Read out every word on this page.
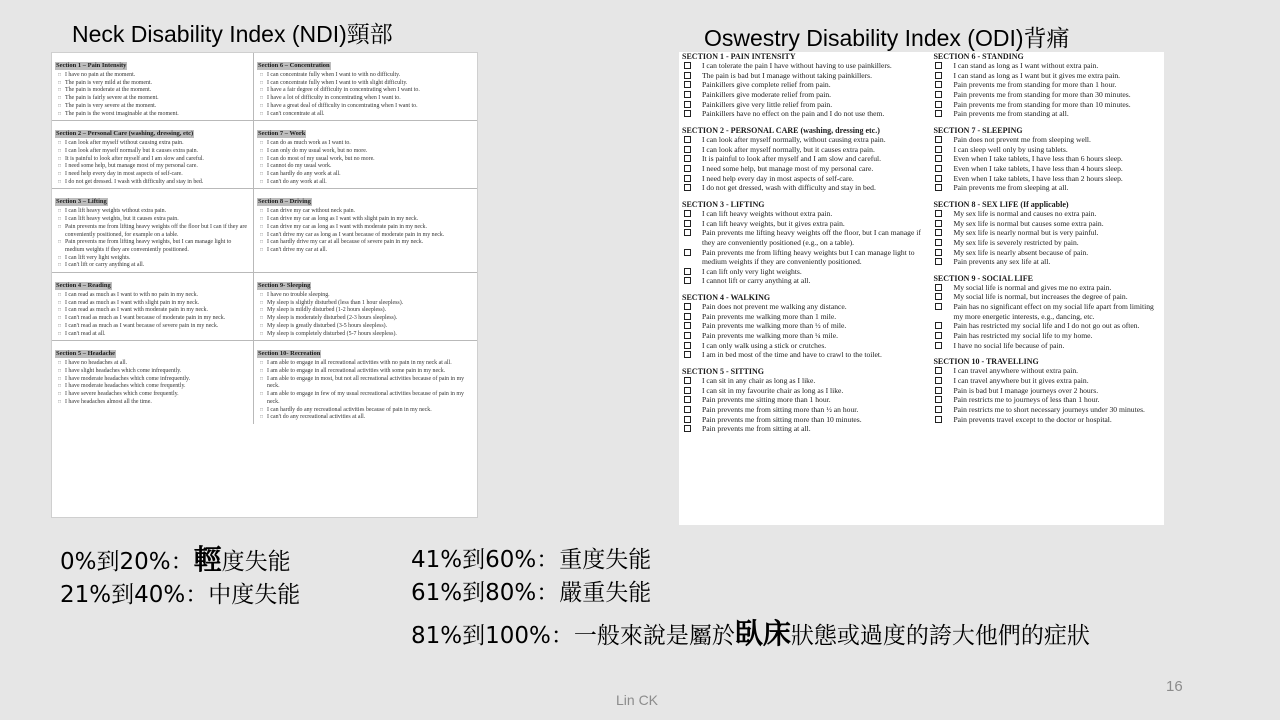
Neck Disability Index (NDI)頸部	Oswestry Disability Index (ODI)背痛
Section 1 – Pain Intensity
□ I have no pain at the moment.
□ The pain is very mild at the moment.
□ The pain is moderate at the moment.
□ The pain is fairly severe at the moment.
□ The pain is very severe at the moment.
□ The pain is the worst imaginable at the moment.
Section 6 – Concentration
□ I can concentrate fully when I want to with no difficulty.
□ I can concentrate fully when I want to with slight difficulty.
□ I have a fair degree of difficulty in concentrating when I want to.
□ I have a lot of difficulty in concentrating when I want to.
□ I have a great deal of difficulty in concentrating when I want to.
□ I can't concentrate at all.
Section 2 – Personal Care (washing, dressing, etc)
□ I can look after myself without causing extra pain.
□ I can look after myself normally but it causes extra pain.
□ It is painful to look after myself and I am slow and careful.
□ I need some help, but manage most of my personal care.
□ I need help every day in most aspects of self-care.
□ I do not get dressed. I wash with difficulty and stay in bed.
Section 7 – Work
□ I can do as much work as I want to.
□ I can only do my usual work, but no more.
□ I can do most of my usual work, but no more.
□ I cannot do my usual work.
□ I can hardly do any work at all.
□ I can't do any work at all.
Section 3 – Lifting
□ I can lift heavy weights without extra pain.
□ I can lift heavy weights, but it causes extra pain.
□ Pain prevents me from lifting heavy weights off the floor but I can if they are conveniently positioned, for example on a table.
□ Pain prevents me from lifting heavy weights, but I can manage light to medium weights if they are conveniently positioned.
□ I can lift very light weights.
□ I can't lift or carry anything at all.
Section 8 – Driving
□ I can drive my car without neck pain.
□ I can drive my car as long as I want with slight pain in my neck.
□ I can drive my car as long as I want with moderate pain in my neck.
□ I can't drive my car as long as I want because of moderate pain in my neck.
□ I can hardly drive my car at all because of severe pain in my neck.
□ I can't drive my car at all.
Section 4 – Reading
□ I can read as much as I want to with no pain in my neck.
□ I can read as much as I want with slight pain in my neck.
□ I can read as much as I want with moderate pain in my neck.
□ I can't read as much as I want because of moderate pain in my neck.
□ I can't read as much as I want because of severe pain in my neck.
□ I can't read at all.
Section 9- Sleeping
□ I have no trouble sleeping.
□ My sleep is slightly disturbed (less than 1 hour sleepless).
□ My sleep is mildly disturbed (1-2 hours sleepless).
□ My sleep is moderately disturbed (2-3 hours sleepless).
□ My sleep is greatly disturbed (3-5 hours sleepless).
□ My sleep is completely disturbed (5-7 hours sleepless).
Section 5 – Headache
□ I have no headaches at all.
□ I have slight headaches which come infrequently.
□ I have moderate headaches which come infrequently.
□ I have moderate headaches which come frequently.
□ I have severe headaches which come frequently.
□ I have headaches almost all the time.
Section 10- Recreation
□ I am able to engage in all recreational activities with no pain in my neck at all.
□ I am able to engage in all recreational activities with some pain in my neck.
□ I am able to engage in most, but not all recreational activities because of pain in my neck.
□ I am able to engage in few of my usual recreational activities because of pain in my neck.
□ I can hardly do any recreational activities because of pain in my neck.
□ I can't do any recreational activities at all.
SECTION 1 - PAIN INTENSITY
I can tolerate the pain I have without having to use painkillers.
The pain is bad but I manage without taking painkillers.
Painkillers give complete relief from pain.
Painkillers give moderate relief from pain.
Painkillers give very little relief from pain.
Painkillers have no effect on the pain and I do not use them.
SECTION 2 - PERSONAL CARE (washing, dressing etc.)
I can look after myself normally, without causing extra pain.
I can look after myself normally, but it causes extra pain.
It is painful to look after myself and I am slow and careful.
I need some help, but manage most of my personal care.
I need help every day in most aspects of self-care.
I do not get dressed, wash with difficulty and stay in bed.
SECTION 3 - LIFTING
I can lift heavy weights without extra pain.
I can lift heavy weights, but it gives extra pain.
Pain prevents me lifting heavy weights off the floor, but I can manage if they are conveniently positioned (e.g., on a table).
Pain prevents me from lifting heavy weights but I can manage light to medium weights if they are conveniently positioned.
I can lift only very light weights.
I cannot lift or carry anything at all.
SECTION 4 - WALKING
Pain does not prevent me walking any distance.
Pain prevents me walking more than 1 mile.
Pain prevents me walking more than ½ of mile.
Pain prevents me walking more than ¼ mile.
I can only walk using a stick or crutches.
I am in bed most of the time and have to crawl to the toilet.
SECTION 5 - SITTING
I can sit in any chair as long as I like.
I can sit in my favourite chair as long as I like.
Pain prevents me sitting more than 1 hour.
Pain prevents me from sitting more than ½ an hour.
Pain prevents me from sitting more than 10 minutes.
Pain prevents me from sitting at all.
SECTION 6 - STANDING
I can stand as long as I want without extra pain.
I can stand as long as I want but it gives me extra pain.
Pain prevents me from standing for more than 1 hour.
Pain prevents me from standing for more than 30 minutes.
Pain prevents me from standing for more than 10 minutes.
Pain prevents me from standing at all.
SECTION 7 - SLEEPING
Pain does not prevent me from sleeping well.
I can sleep well only by using tablets.
Even when I take tablets, I have less than 6 hours sleep.
Even when I take tablets, I have less than 4 hours sleep.
Even when I take tablets, I have less than 2 hours sleep.
Pain prevents me from sleeping at all.
SECTION 8 - SEX LIFE (If applicable)
My sex life is normal and causes no extra pain.
My sex life is normal but causes some extra pain.
My sex life is nearly normal but is very painful.
My sex life is severely restricted by pain.
My sex life is nearly absent because of pain.
Pain prevents any sex life at all.
SECTION 9 - SOCIAL LIFE
My social life is normal and gives me no extra pain.
My social life is normal, but increases the degree of pain.
Pain has no significant effect on my social life apart from limiting my more energetic interests, e.g., dancing, etc.
Pain has restricted my social life and I do not go out as often.
Pain has restricted my social life to my home.
I have no social life because of pain.
SECTION 10 - TRAVELLING
I can travel anywhere without extra pain.
I can travel anywhere but it gives extra pain.
Pain is bad but I manage journeys over 2 hours.
Pain restricts me to journeys of less than 1 hour.
Pain restricts me to short necessary journeys under 30 minutes.
Pain prevents travel except to the doctor or hospital.
0%到20%：輕度失能
21%到40%：中度失能
41%到60%：重度失能
61%到80%：嚴重失能
81%到100%：一般來說是屬於臥床狀態或過度的誇大他們的症狀
16
Lin CK
